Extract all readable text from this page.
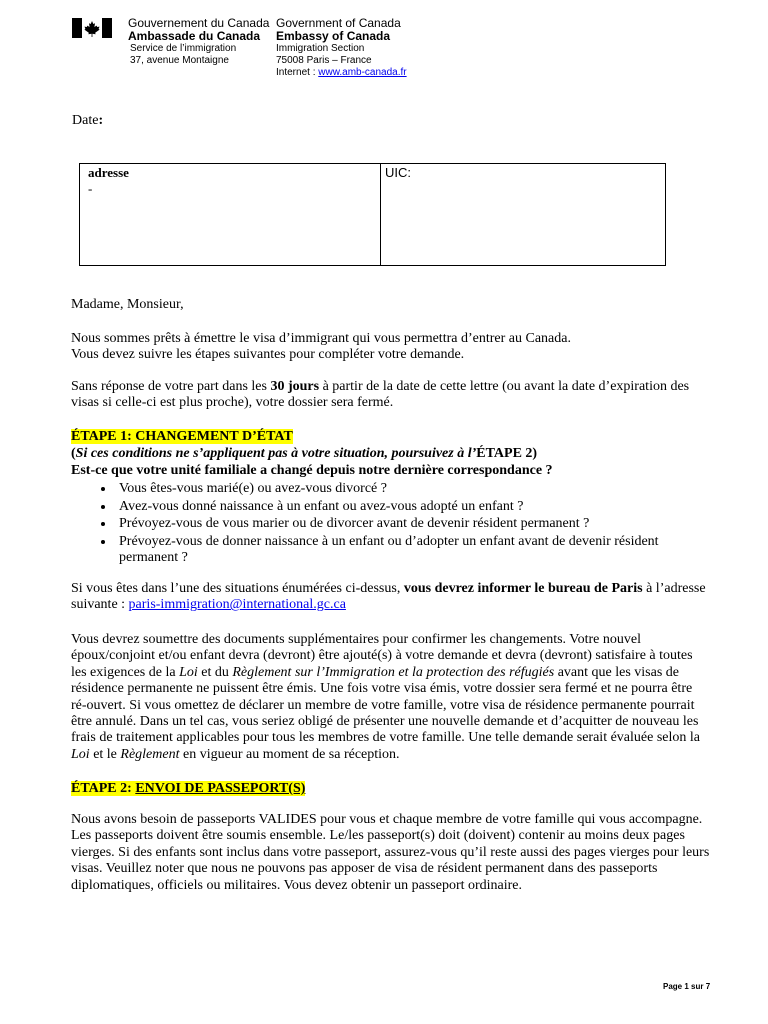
Gouvernement du Canada
Ambassade du Canada
Service de l’immigration
37, avenue Montaigne
Government of Canada
Embassy of Canada
Immigration Section
75008 Paris – France
Internet : www.amb-canada.fr
Date:
adresse
-
UIC:
Madame, Monsieur,
Nous sommes prêts à émettre le visa d’immigrant qui vous permettra d’entrer au Canada.
Vous devez suivre les étapes suivantes pour compléter votre demande.
Sans réponse de votre part dans les 30 jours à partir de la date de cette lettre (ou avant la date d’expiration des visas si celle-ci est plus proche), votre dossier sera fermé.
ÉTAPE 1: CHANGEMENT D’ÉTAT
(Si ces conditions ne s’appliquent pas à votre situation, poursuivez à l’ÉTAPE 2)
Est-ce que votre unité familiale a changé depuis notre dernière correspondance ?
• Vous êtes-vous marié(e) ou avez-vous divorcé ?
• Avez-vous donné naissance à un enfant ou avez-vous adopté un enfant ?
• Prévoyez-vous de vous marier ou de divorcer avant de devenir résident permanent ?
• Prévoyez-vous de donner naissance à un enfant ou d’adopter un enfant avant de devenir résident permanent ?
Si vous êtes dans l’une des situations énumérées ci-dessus, vous devrez informer le bureau de Paris à l’adresse suivante : paris-immigration@international.gc.ca
Vous devrez soumettre des documents supplémentaires pour confirmer les changements. Votre nouvel époux/conjoint et/ou enfant devra (devront) être ajouté(s) à votre demande et devra (devront) satisfaire à toutes les exigences de la Loi et du Règlement sur l’Immigration et la protection des réfugiés avant que les visas de résidence permanente ne puissent être émis. Une fois votre visa émis, votre dossier sera fermé et ne pourra être ré-ouvert. Si vous omettez de déclarer un membre de votre famille, votre visa de résidence permanente pourrait être annulé. Dans un tel cas, vous seriez obligé de présenter une nouvelle demande et d’acquitter de nouveau les frais de traitement applicables pour tous les membres de votre famille. Une telle demande serait évaluée selon la Loi et le Règlement en vigueur au moment de sa réception.
ÉTAPE 2: ENVOI DE PASSEPORT(S)
Nous avons besoin de passeports VALIDES pour vous et chaque membre de votre famille qui vous accompagne. Les passeports doivent être soumis ensemble. Le/les passeport(s) doit (doivent) contenir au moins deux pages vierges. Si des enfants sont inclus dans votre passeport, assurez-vous qu’il reste aussi des pages vierges pour leurs visas. Veuillez noter que nous ne pouvons pas apposer de visa de résident permanent dans des passeports diplomatiques, officiels ou militaires. Vous devez obtenir un passeport ordinaire.
Page 1 sur 7
